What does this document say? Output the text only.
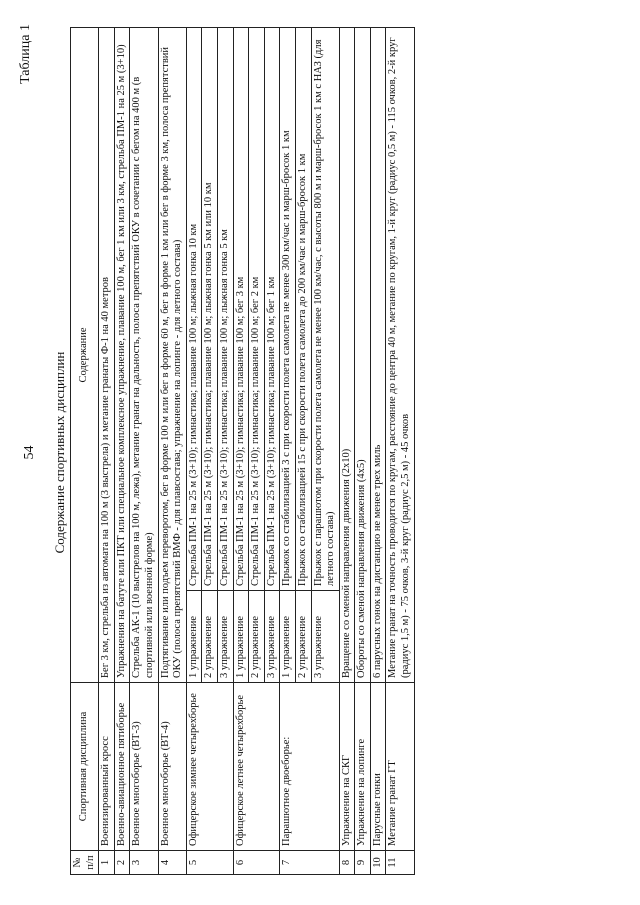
54
Таблица 1
Содержание спортивных дисциплин
№ п/п	Спортивная дисциплина	Содержание	
1	Военизированный кросс	Бег 3 км, стрельба из автомата на 100 м (3 выстрела) и метание гранаты Ф-1 на 40 метров	
2	Военно-авиационное пятиборье	Упражнения на батуте или ПКТ или специальное комплексное упражнение, плавание 100 м, бег 1 км или 3 км, стрельба ПМ-1 на 25 м (3+10)	
3	Военное многоборье (ВТ-3)	Стрельба АК-1 (10 выстрелов на 100 м, лежа), метание гранат на дальность, полоса препятствий ОКУ в сочетании с бегом на 400 м (в спортивной или военной форме)	
4	Военное многоборье (ВТ-4)	Подтягивание или подъем переворотом, бег в форме 100 м или бег в форме 60 м, бег в форме 1 км или бег в форме 3 км, полоса препятствий ОКУ (полоса препятствий ВМФ - для плавсостава; упражнение на лопинге - для летного состава)	
5	Офицерское зимнее четырехборье	1 упражнение	Стрельба ПМ-1 на 25 м (3+10); гимнастика; плавание 100 м; лыжная гонка 10 км
		2 упражнение	Стрельба ПМ-1 на 25 м (3+10); гимнастика; плавание 100 м; лыжная гонка 5 км или 10 км
		3 упражнение	Стрельба ПМ-1 на 25 м (3+10); гимнастика; плавание 100 м; лыжная гонка 5 км
6	Офицерское летнее четырехборье	1 упражнение	Стрельба ПМ-1 на 25 м (3+10); гимнастика; плавание 100 м; бег 3 км
		2 упражнение	Стрельба ПМ-1 на 25 м (3+10); гимнастика; плавание 100 м; бег 2 км
		3 упражнение	Стрельба ПМ-1 на 25 м (3+10); гимнастика; плавание 100 м; бег 1 км
7	Парашютное двоеборье:	1 упражнение	Прыжок со стабилизацией 3 с при скорости полета самолета не менее 300 км/час и марш-бросок 1 км
		2 упражнение	Прыжок со стабилизацией 15 с при скорости полета самолета до 200 км/час и марш-бросок 1 км
		3 упражнение	Прыжок с парашютом при скорости полета самолета не менее 100 км/час, с высоты 800 м и марш-бросок 1 км с НАЗ (для летного состава)
8	Упражнение на СКГ	Вращение со сменой направления движения (2х10)	
9	Упражнение на лопинге	Обороты со сменой направления движения (4х5)	
10	Парусные гонки	6 парусных гонок на дистанцию не менее трех миль	
11	Метание гранат ГТ	Метание гранат на точность проводится по кругам, расстояние до центра 40 м, метание по кругам, 1-й круг (радиус 0,5 м) - 115 очков, 2-й круг (радиус 1,5 м) - 75 очков, 3-й круг (радиус 2,5 м) - 45 очков	
